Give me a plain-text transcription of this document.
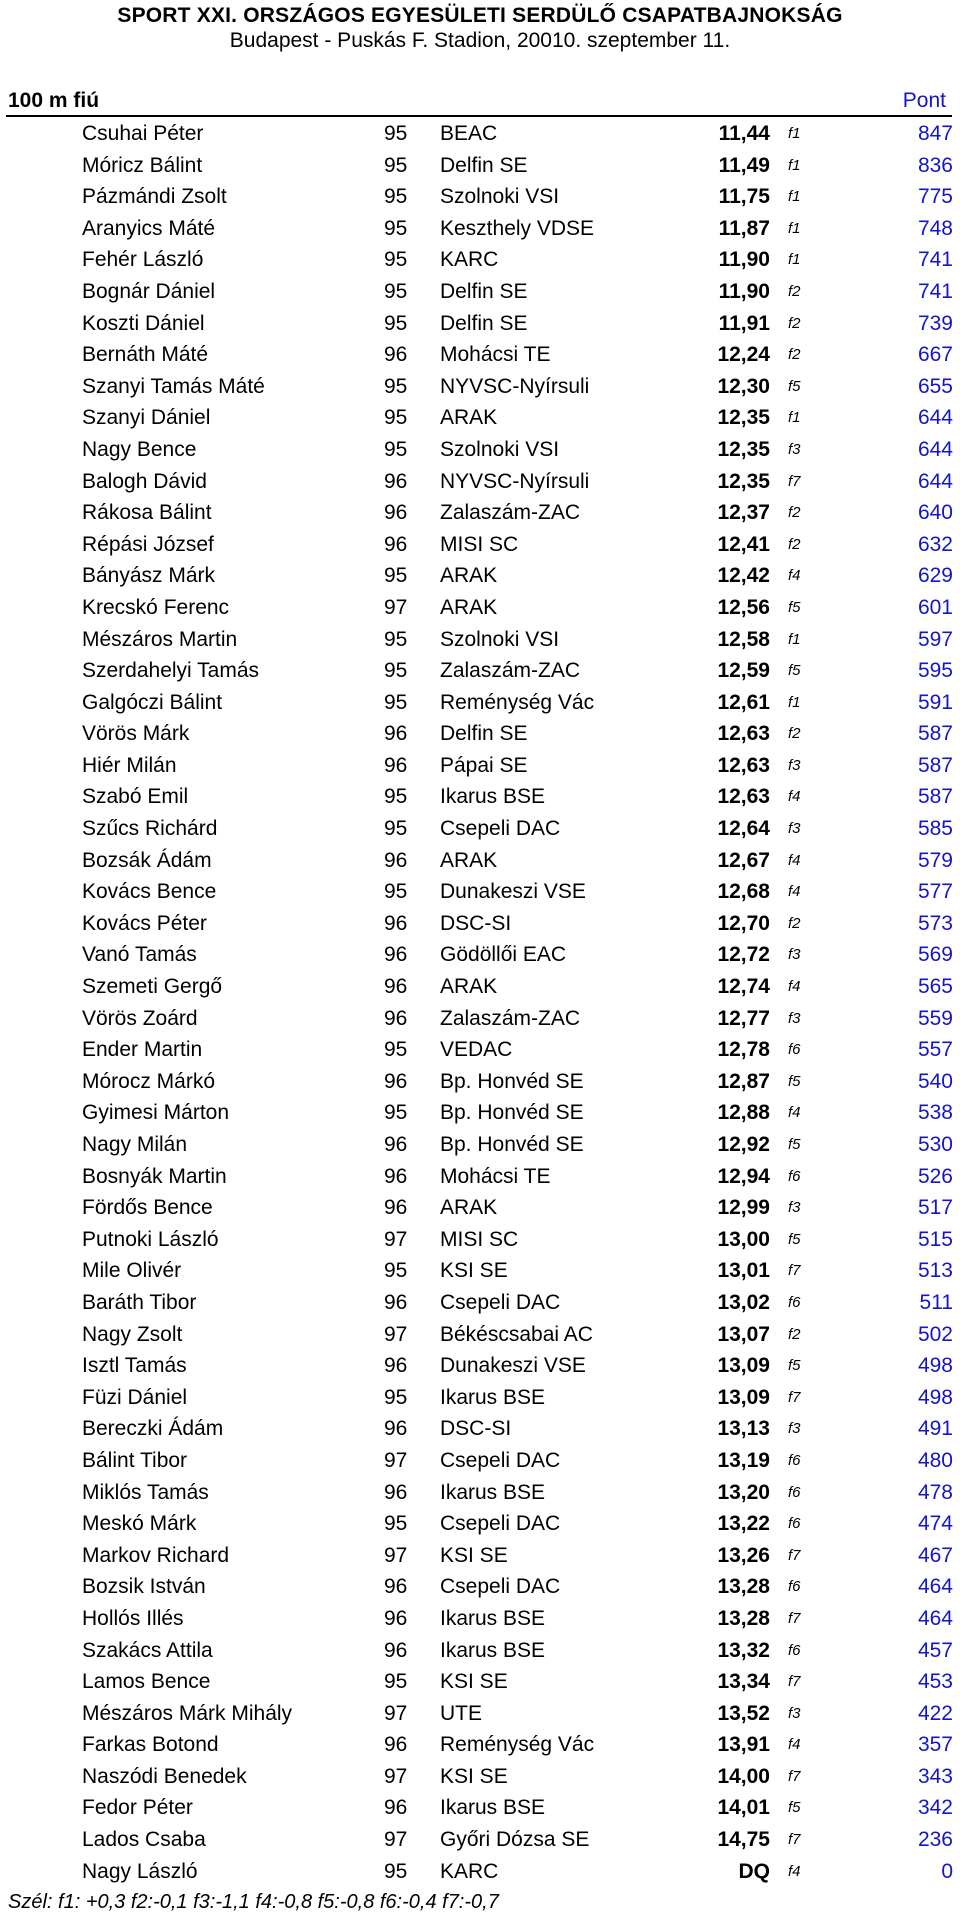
SPORT XXI. ORSZÁGOS EGYESÜLETI SERDÜLŐ CSAPATBAJNOKSÁG
Budapest - Puskás F. Stadion, 20010. szeptember 11.
100 m fiú	Pont
Csuhai Péter	95 BEAC	11,44 f1	847
Móricz Bálint	95 Delfin SE	11,49 f1	836
Pázmándi Zsolt	95 Szolnoki VSI	11,75 f1	775
Aranyics Máté	95 Keszthely VDSE	11,87 f1	748
Fehér László	95 KARC	11,90 f1	741
Bognár Dániel	95 Delfin SE	11,90 f2	741
Koszti Dániel	95 Delfin SE	11,91 f2	739
Bernáth Máté	96 Mohácsi TE	12,24 f2	667
Szanyi Tamás Máté	95 NYVSC-Nyírsuli	12,30 f5	655
Szanyi Dániel	95 ARAK	12,35 f1	644
Nagy Bence	95 Szolnoki VSI	12,35 f3	644
Balogh Dávid	96 NYVSC-Nyírsuli	12,35 f7	644
Rákosa Bálint	96 Zalaszám-ZAC	12,37 f2	640
Répási József	96 MISI SC	12,41 f2	632
Bányász Márk	95 ARAK	12,42 f4	629
Krecskó Ferenc	97 ARAK	12,56 f5	601
Mészáros Martin	95 Szolnoki VSI	12,58 f1	597
Szerdahelyi Tamás	95 Zalaszám-ZAC	12,59 f5	595
Galgóczi Bálint	95 Reménység Vác	12,61 f1	591
Vörös Márk	96 Delfin SE	12,63 f2	587
Hiér Milán	96 Pápai SE	12,63 f3	587
Szabó Emil	95 Ikarus BSE	12,63 f4	587
Szűcs Richárd	95 Csepeli DAC	12,64 f3	585
Bozsák Ádám	96 ARAK	12,67 f4	579
Kovács Bence	95 Dunakeszi VSE	12,68 f4	577
Kovács Péter	96 DSC-SI	12,70 f2	573
Vanó Tamás	96 Gödöllői EAC	12,72 f3	569
Szemeti Gergő	96 ARAK	12,74 f4	565
Vörös Zoárd	96 Zalaszám-ZAC	12,77 f3	559
Ender Martin	95 VEDAC	12,78 f6	557
Mórocz Márkó	96 Bp. Honvéd SE	12,87 f5	540
Gyimesi Márton	95 Bp. Honvéd SE	12,88 f4	538
Nagy Milán	96 Bp. Honvéd SE	12,92 f5	530
Bosnyák Martin	96 Mohácsi TE	12,94 f6	526
Fördős Bence	96 ARAK	12,99 f3	517
Putnoki László	97 MISI SC	13,00 f5	515
Mile Olivér	95 KSI SE	13,01 f7	513
Baráth Tibor	96 Csepeli DAC	13,02 f6	511
Nagy Zsolt	97 Békéscsabai AC	13,07 f2	502
Isztl Tamás	96 Dunakeszi VSE	13,09 f5	498
Füzi Dániel	95 Ikarus BSE	13,09 f7	498
Bereczki Ádám	96 DSC-SI	13,13 f3	491
Bálint Tibor	97 Csepeli DAC	13,19 f6	480
Miklós Tamás	96 Ikarus BSE	13,20 f6	478
Meskó Márk	95 Csepeli DAC	13,22 f6	474
Markov Richard	97 KSI SE	13,26 f7	467
Bozsik István	96 Csepeli DAC	13,28 f6	464
Hollós Illés	96 Ikarus BSE	13,28 f7	464
Szakács Attila	96 Ikarus BSE	13,32 f6	457
Lamos Bence	95 KSI SE	13,34 f7	453
Mészáros Márk Mihály	97 UTE	13,52 f3	422
Farkas Botond	96 Reménység Vác	13,91 f4	357
Naszódi Benedek	97 KSI SE	14,00 f7	343
Fedor Péter	96 Ikarus BSE	14,01 f5	342
Lados Csaba	97 Győri Dózsa SE	14,75 f7	236
Nagy László	95 KARC	DQ f4	0
Szél: f1: +0,3 f2:-0,1 f3:-1,1 f4:-0,8 f5:-0,8 f6:-0,4 f7:-0,7
